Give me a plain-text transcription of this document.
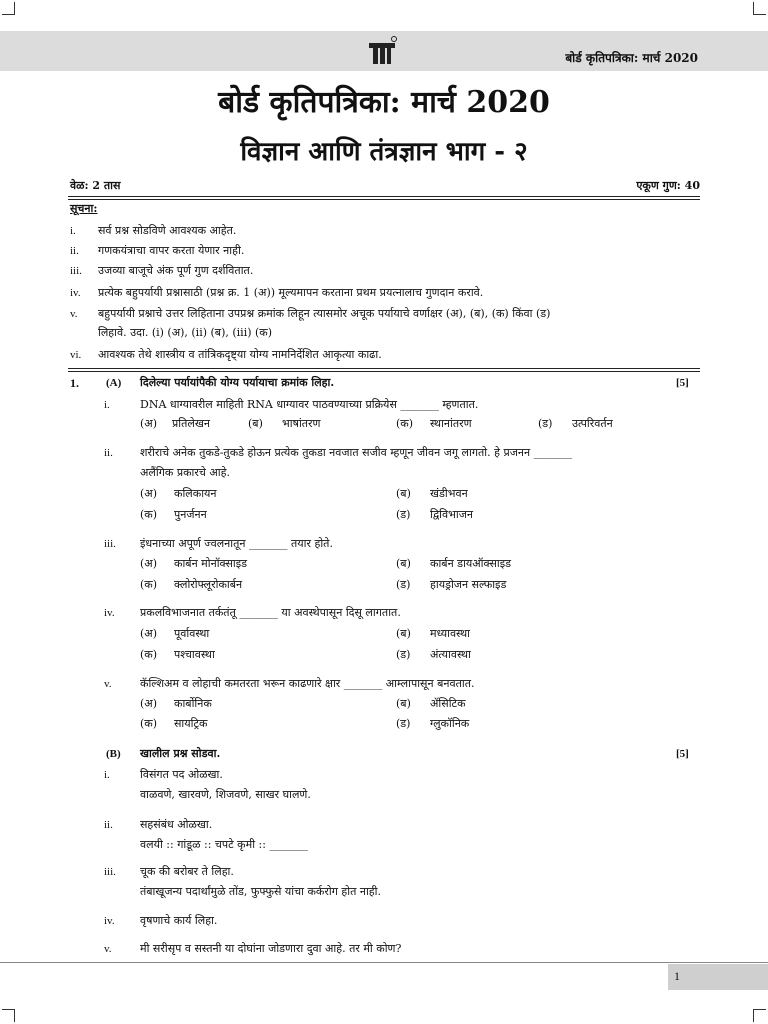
बोर्ड कृतिपत्रिका: मार्च 2020
बोर्ड कृतिपत्रिका: मार्च 2020
विज्ञान आणि तंत्रज्ञान भाग - २
वेळ: 2 तास	एकूण गुण: 40
सूचना:
i. सर्व प्रश्न सोडविणे आवश्यक आहेत.
ii. गणकयंत्राचा वापर करता येणार नाही.
iii. उजव्या बाजूचे अंक पूर्ण गुण दर्शवितात.
iv. प्रत्येक बहुपर्यायी प्रश्नासाठी (प्रश्न क्र. 1 (अ)) मूल्यमापन करताना प्रथम प्रयत्नालाच गुणदान करावे.
v. बहुपर्यायी प्रश्नाचे उत्तर लिहिताना उपप्रश्न क्रमांक लिहून त्यासमोर अचूक पर्यायाचे वर्णाक्षर (अ), (ब), (क) किंवा (ड)
लिहावे. उदा. (i) (अ), (ii) (ब), (iii) (क)
vi. आवश्यक तेथे शास्त्रीय व तांत्रिकदृष्ट्या योग्य नामनिर्देशित आकृत्या काढा.
1. (A) दिलेल्या पर्यायांपैकी योग्य पर्यायाचा क्रमांक लिहा.	[5]
i.	DNA धाग्यावरील माहिती RNA धाग्यावर पाठवण्याच्या प्रक्रियेस _______ म्हणतात.
(अ) प्रतिलेखन	(ब) भाषांतरण	(क) स्थानांतरण	(ड) उत्परिवर्तन
ii. शरीराचे अनेक तुकडे-तुकडे होऊन प्रत्येक तुकडा नवजात सजीव म्हणून जीवन जगू लागतो. हे प्रजनन _______
अलैंगिक प्रकारचे आहे.
(अ) कलिकायन	(ब) खंडीभवन
(क) पुनर्जनन	(ड) द्विविभाजन
iii. इंधनाच्या अपूर्ण ज्वलनातून _______ तयार होते.
(अ) कार्बन मोनॉक्साइड	(ब) कार्बन डायऑक्साइड
(क) क्लोरोफ्लूरोकार्बन	(ड) हायड्रोजन सल्फाइड
iv. प्रकलविभाजनात तर्कतंतू _______ या अवस्थेपासून दिसू लागतात.
(अ) पूर्वावस्था	(ब) मध्यावस्था
(क) पश्चावस्था	(ड) अंत्यावस्था
v.	कॅल्शिअम व लोहाची कमतरता भरून काढणारे क्षार _______ आम्लापासून बनवतात.
(अ) कार्बोनिक	(ब) ॲसिटिक
(क) सायट्रिक	(ड) ग्लुकॉनिक
(B) खालील प्रश्न सोडवा.	[5]
i.	विसंगत पद ओळखा.
वाळवणे, खारवणे, शिजवणे, साखर घालणे.
ii. सहसंबंध ओळखा.
वलयी :: गांडूळ :: चपटे कृमी :: _______
iii. चूक की बरोबर ते लिहा.
तंबाखूजन्य पदार्थांमुळे तोंड, फुफ्फुसे यांचा कर्करोग होत नाही.
iv. वृषणाचे कार्य लिहा.
v.	मी सरीसृप व सस्तनी या दोघांना जोडणारा दुवा आहे. तर मी कोण?
1
